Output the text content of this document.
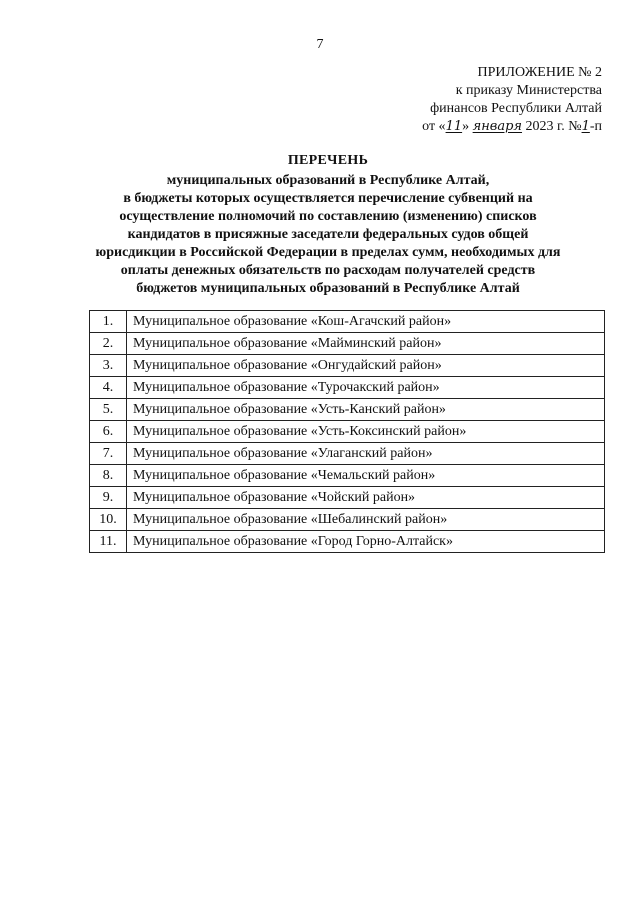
7
ПРИЛОЖЕНИЕ № 2
к приказу Министерства
финансов Республики Алтай
от «11» января 2023 г. №1-п
ПЕРЕЧЕНЬ
муниципальных образований в Республике Алтай,
в бюджеты которых осуществляется перечисление субвенций на
осуществление полномочий по составлению (изменению) списков
кандидатов в присяжные заседатели федеральных судов общей
юрисдикции в Российской Федерации в пределах сумм, необходимых для
оплаты денежных обязательств по расходам получателей средств
бюджетов муниципальных образований в Республике Алтай
1.	Муниципальное образование «Кош-Агачский район»
2.	Муниципальное образование «Майминский район»
3.	Муниципальное образование «Онгудайский район»
4.	Муниципальное образование «Турочакский район»
5.	Муниципальное образование «Усть-Канский район»
6.	Муниципальное образование «Усть-Коксинский район»
7.	Муниципальное образование «Улаганский район»
8.	Муниципальное образование «Чемальский район»
9.	Муниципальное образование «Чойский район»
10.	Муниципальное образование «Шебалинский район»
11.	Муниципальное образование «Город Горно-Алтайск»
